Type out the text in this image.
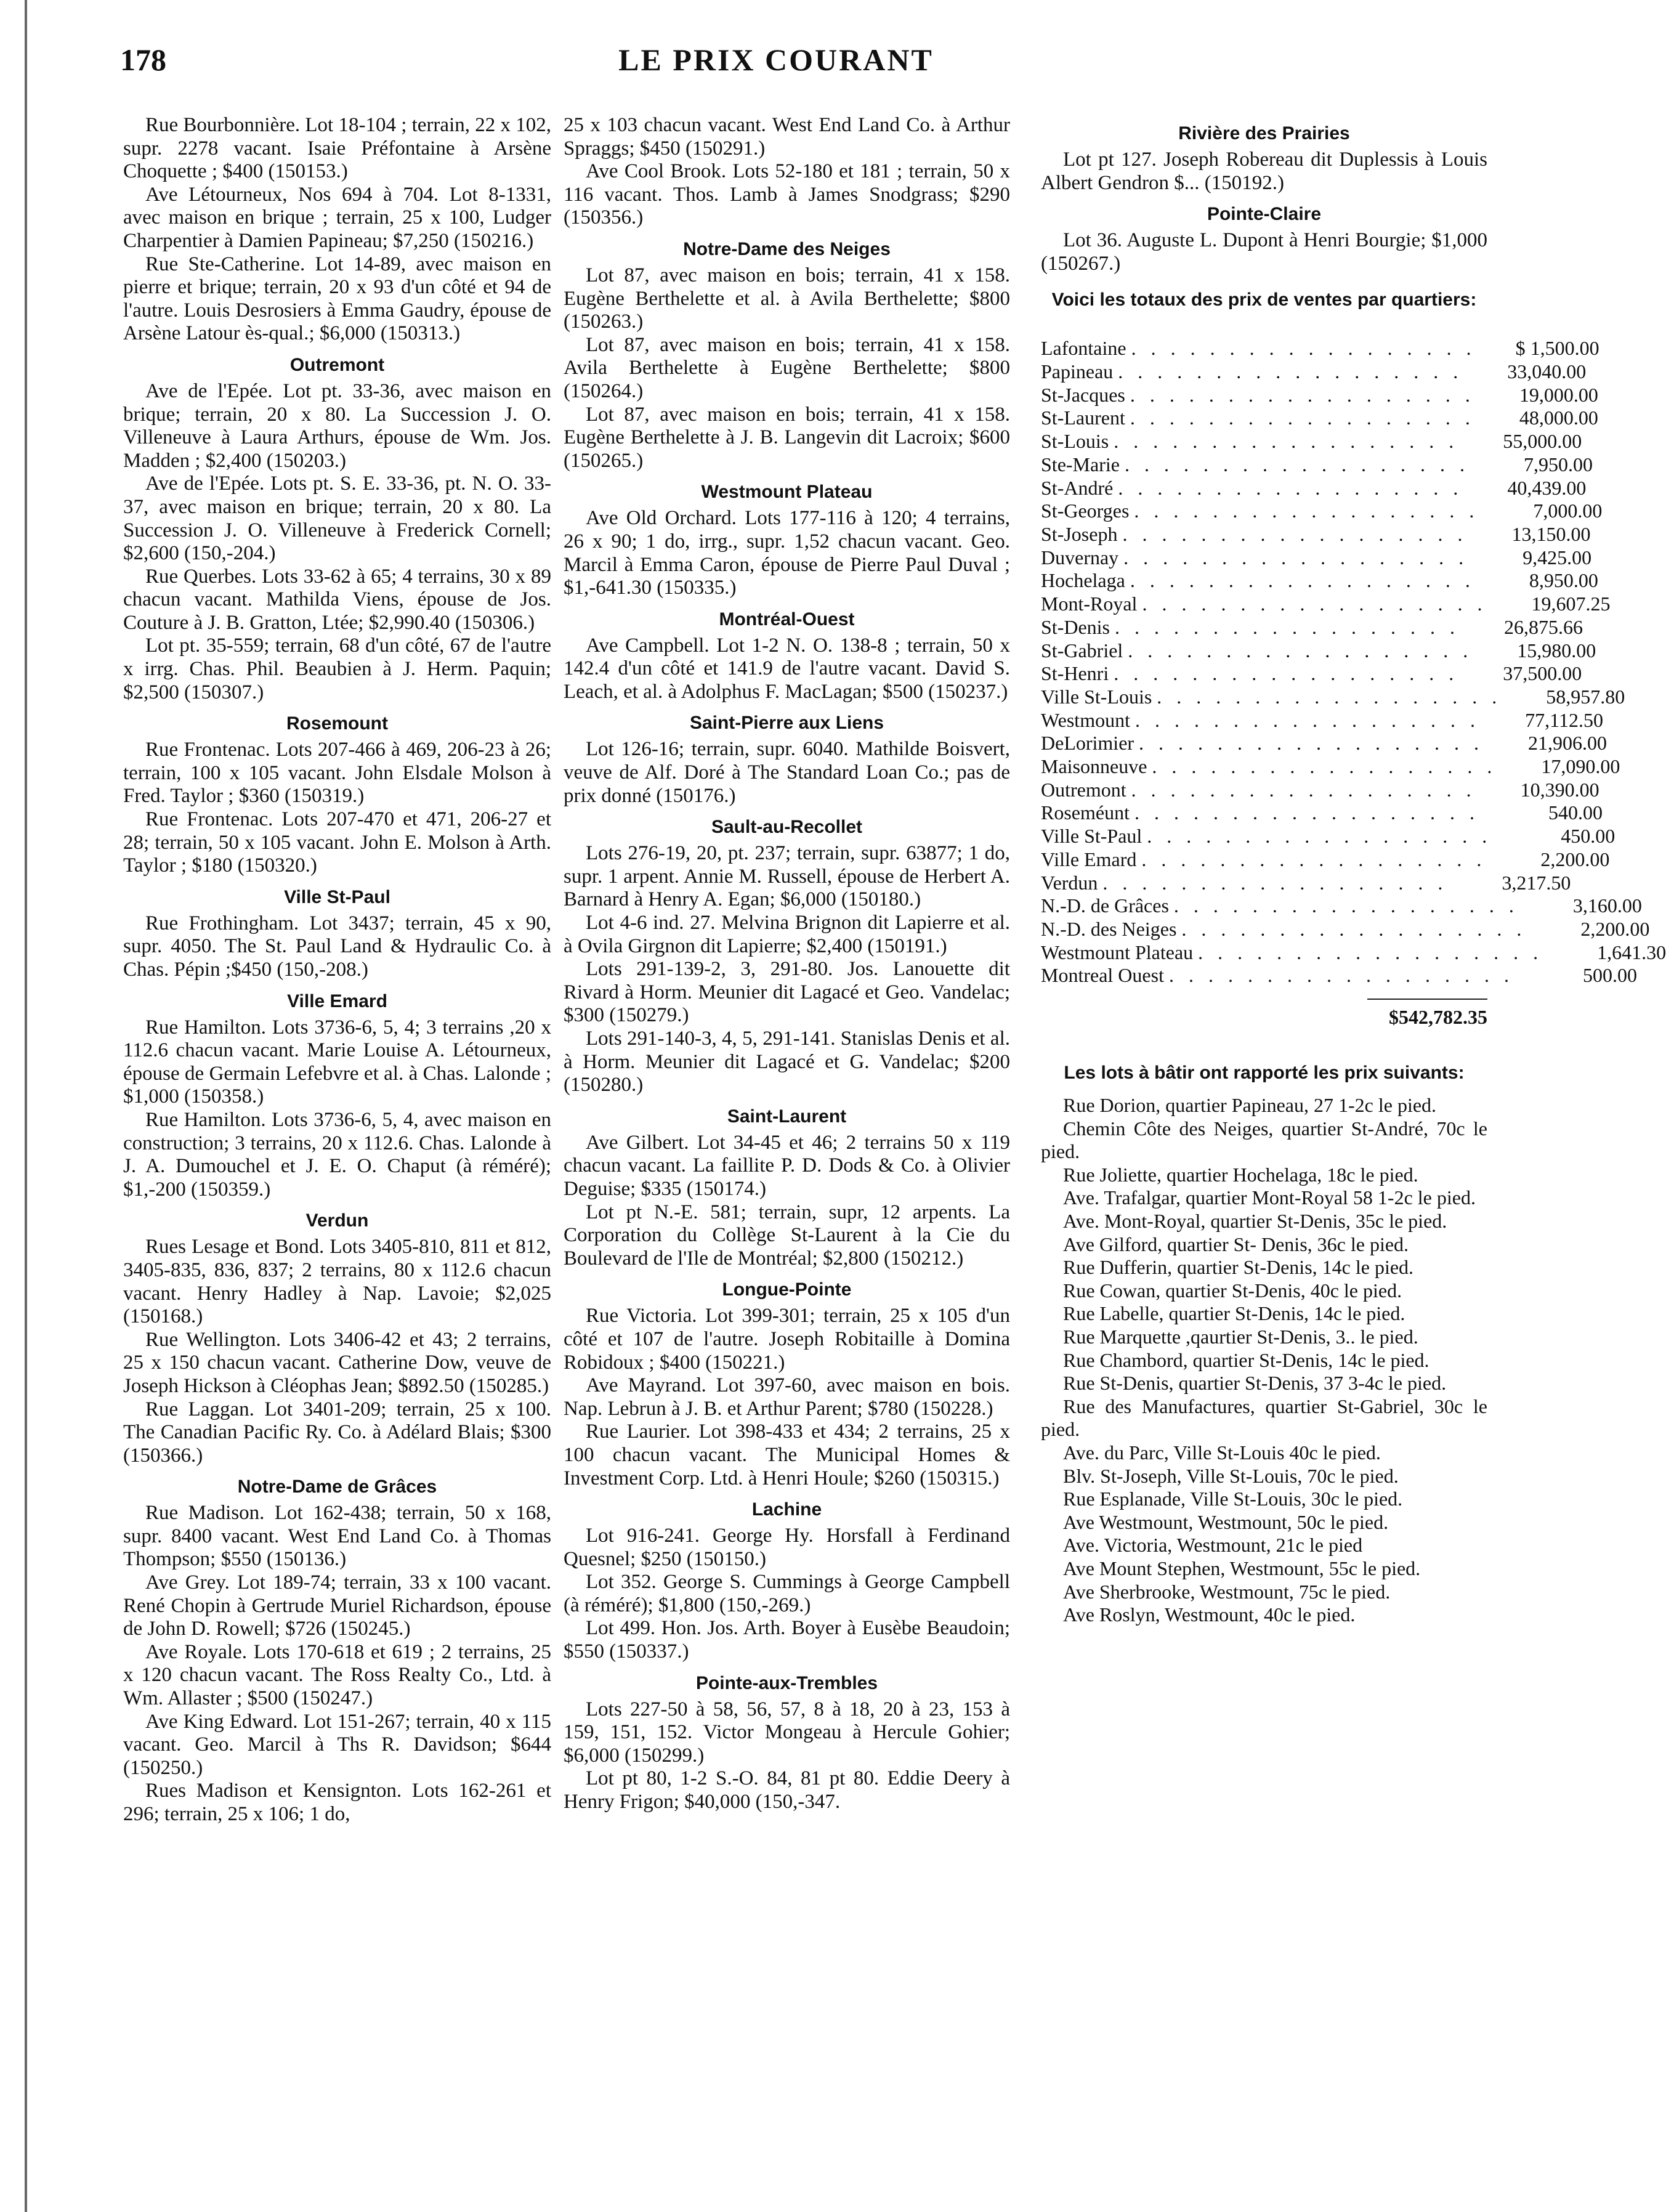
178	LE PRIX COURANT
Rue Bourbonnière. Lot 18-104 ; terrain, 22 x 102, supr. 2278 vacant. Isaie Préfontaine à Arsène Choquette ; $400 (150153.)
Ave Létourneux, Nos 694 à 704. Lot 8-1331, avec maison en brique ; terrain, 25 x 100, Ludger Charpentier à Damien Papineau; $7,250 (150216.)
Rue Ste-Catherine. Lot 14-89, avec maison en pierre et brique; terrain, 20 x 93 d'un côté et 94 de l'autre. Louis Desrosiers à Emma Gaudry, épouse de Arsène Latour ès-qual.; $6,000 (150313.)
Outremont
Ave de l'Epée. Lot pt. 33-36, avec maison en brique; terrain, 20 x 80. La Succession J. O. Villeneuve à Laura Arthurs, épouse de Wm. Jos. Madden ; $2,400 (150203.)
Ave de l'Epée. Lots pt. S. E. 33-36, pt. N. O. 33-37, avec maison en brique; terrain, 20 x 80. La Succession J. O. Villeneuve à Frederick Cornell; $2,600 (150,-204.)
Rue Querbes. Lots 33-62 à 65; 4 terrains, 30 x 89 chacun vacant. Mathilda Viens, épouse de Jos. Couture à J. B. Gratton, Ltée; $2,990.40 (150306.)
Lot pt. 35-559; terrain, 68 d'un côté, 67 de l'autre x irrg. Chas. Phil. Beaubien à J. Herm. Paquin; $2,500 (150307.)
Rosemount
Rue Frontenac. Lots 207-466 à 469, 206-23 à 26; terrain, 100 x 105 vacant. John Elsdale Molson à Fred. Taylor ; $360 (150319.)
Rue Frontenac. Lots 207-470 et 471, 206-27 et 28; terrain, 50 x 105 vacant. John E. Molson à Arth. Taylor ; $180 (150320.)
Ville St-Paul
Rue Frothingham. Lot 3437; terrain, 45 x 90, supr. 4050. The St. Paul Land & Hydraulic Co. à Chas. Pépin ;$450 (150,-208.)
Ville Emard
Rue Hamilton. Lots 3736-6, 5, 4; 3 terrains ,20 x 112.6 chacun vacant. Marie Louise A. Létourneux, épouse de Germain Lefebvre et al. à Chas. Lalonde ; $1,000 (150358.)
Rue Hamilton. Lots 3736-6, 5, 4, avec maison en construction; 3 terrains, 20 x 112.6. Chas. Lalonde à J. A. Dumouchel et J. E. O. Chaput (à réméré); $1,-200 (150359.)
Verdun
Rues Lesage et Bond. Lots 3405-810, 811 et 812, 3405-835, 836, 837; 2 terrains, 80 x 112.6 chacun vacant. Henry Hadley à Nap. Lavoie; $2,025 (150168.)
Rue Wellington. Lots 3406-42 et 43; 2 terrains, 25 x 150 chacun vacant. Catherine Dow, veuve de Joseph Hickson à Cléophas Jean; $892.50 (150285.)
Rue Laggan. Lot 3401-209; terrain, 25 x 100. The Canadian Pacific Ry. Co. à Adélard Blais; $300 (150366.)
Notre-Dame de Grâces
Rue Madison. Lot 162-438; terrain, 50 x 168, supr. 8400 vacant. West End Land Co. à Thomas Thompson; $550 (150136.)
Ave Grey. Lot 189-74; terrain, 33 x 100 vacant. René Chopin à Gertrude Muriel Richardson, épouse de John D. Rowell; $726 (150245.)
Ave Royale. Lots 170-618 et 619 ; 2 terrains, 25 x 120 chacun vacant. The Ross Realty Co., Ltd. à Wm. Allaster ; $500 (150247.)
Ave King Edward. Lot 151-267; terrain, 40 x 115 vacant. Geo. Marcil à Ths R. Davidson; $644 (150250.)
Rues Madison et Kensignton. Lots 162-261 et 296; terrain, 25 x 106; 1 do,
25 x 103 chacun vacant. West End Land Co. à Arthur Spraggs; $450 (150291.)
Ave Cool Brook. Lots 52-180 et 181 ; terrain, 50 x 116 vacant. Thos. Lamb à James Snodgrass; $290 (150356.)
Notre-Dame des Neiges
Lot 87, avec maison en bois; terrain, 41 x 158. Eugène Berthelette et al. à Avila Berthelette; $800 (150263.)
Lot 87, avec maison en bois; terrain, 41 x 158. Avila Berthelette à Eugène Berthelette; $800 (150264.)
Lot 87, avec maison en bois; terrain, 41 x 158. Eugène Berthelette à J. B. Langevin dit Lacroix; $600 (150265.)
Westmount Plateau
Ave Old Orchard. Lots 177-116 à 120; 4 terrains, 26 x 90; 1 do, irrg., supr. 1,52 chacun vacant. Geo. Marcil à Emma Caron, épouse de Pierre Paul Duval ; $1,-641.30 (150335.)
Montréal-Ouest
Ave Campbell. Lot 1-2 N. O. 138-8 ; terrain, 50 x 142.4 d'un côté et 141.9 de l'autre vacant. David S. Leach, et al. à Adolphus F. MacLagan; $500 (150237.)
Saint-Pierre aux Liens
Lot 126-16; terrain, supr. 6040. Mathilde Boisvert, veuve de Alf. Doré à The Standard Loan Co.; pas de prix donné (150176.)
Sault-au-Recollet
Lots 276-19, 20, pt. 237; terrain, supr. 63877; 1 do, supr. 1 arpent. Annie M. Russell, épouse de Herbert A. Barnard à Henry A. Egan; $6,000 (150180.)
Lot 4-6 ind. 27. Melvina Brignon dit Lapierre et al. à Ovila Girgnon dit Lapierre; $2,400 (150191.)
Lots 291-139-2, 3, 291-80. Jos. Lanouette dit Rivard à Horm. Meunier dit Lagacé et Geo. Vandelac; $300 (150279.)
Lots 291-140-3, 4, 5, 291-141. Stanislas Denis et al. à Horm. Meunier dit Lagacé et G. Vandelac; $200 (150280.)
Saint-Laurent
Ave Gilbert. Lot 34-45 et 46; 2 terrains 50 x 119 chacun vacant. La faillite P. D. Dods & Co. à Olivier Deguise; $335 (150174.)
Lot pt N.-E. 581; terrain, supr, 12 arpents. La Corporation du Collège St-Laurent à la Cie du Boulevard de l'Ile de Montréal; $2,800 (150212.)
Longue-Pointe
Rue Victoria. Lot 399-301; terrain, 25 x 105 d'un côté et 107 de l'autre. Joseph Robitaille à Domina Robidoux ; $400 (150221.)
Ave Mayrand. Lot 397-60, avec maison en bois. Nap. Lebrun à J. B. et Arthur Parent; $780 (150228.)
Rue Laurier. Lot 398-433 et 434; 2 terrains, 25 x 100 chacun vacant. The Municipal Homes & Investment Corp. Ltd. à Henri Houle; $260 (150315.)
Lachine
Lot 916-241. George Hy. Horsfall à Ferdinand Quesnel; $250 (150150.)
Lot 352. George S. Cummings à George Campbell (à réméré); $1,800 (150,-269.)
Lot 499. Hon. Jos. Arth. Boyer à Eusèbe Beaudoin; $550 (150337.)
Pointe-aux-Trembles
Lots 227-50 à 58, 56, 57, 8 à 18, 20 à 23, 153 à 159, 151, 152. Victor Mongeau à Hercule Gohier; $6,000 (150299.)
Lot pt 80, 1-2 S.-O. 84, 81 pt 80. Eddie Deery à Henry Frigon; $40,000 (150,-347.
Rivière des Prairies
Lot pt 127. Joseph Robereau dit Duplessis à Louis Albert Gendron $... (150192.)
Pointe-Claire
Lot 36. Auguste L. Dupont à Henri Bourgie; $1,000 (150267.)
Voici les totaux des prix de ventes par quartiers:
Lafontaine . . . . . . . . . . . . . . . . . .	$ 1,500.00
Papineau . . . . . . . . . . . . . . . . . .	33,040.00
St-Jacques . . . . . . . . . . . . . . . . . .	19,000.00
St-Laurent . . . . . . . . . . . . . . . . . .	48,000.00
St-Louis . . . . . . . . . . . . . . . . . .	55,000.00
Ste-Marie . . . . . . . . . . . . . . . . . .	7,950.00
St-André . . . . . . . . . . . . . . . . . .	40,439.00
St-Georges . . . . . . . . . . . . . . . . . .	7,000.00
St-Joseph . . . . . . . . . . . . . . . . . .	13,150.00
Duvernay . . . . . . . . . . . . . . . . . .	9,425.00
Hochelaga . . . . . . . . . . . . . . . . . .	8,950.00
Mont-Royal . . . . . . . . . . . . . . . . . .	19,607.25
St-Denis . . . . . . . . . . . . . . . . . .	26,875.66
St-Gabriel . . . . . . . . . . . . . . . . . .	15,980.00
St-Henri . . . . . . . . . . . . . . . . . .	37,500.00
Ville St-Louis . . . . . . . . . . . . . . . . . .	58,957.80
Westmount . . . . . . . . . . . . . . . . . .	77,112.50
DeLorimier . . . . . . . . . . . . . . . . . .	21,906.00
Maisonneuve . . . . . . . . . . . . . . . . . .	17,090.00
Outremont . . . . . . . . . . . . . . . . . .	10,390.00
Roseméunt . . . . . . . . . . . . . . . . . .	540.00
Ville St-Paul . . . . . . . . . . . . . . . . . .	450.00
Ville Emard . . . . . . . . . . . . . . . . . .	2,200.00
Verdun . . . . . . . . . . . . . . . . . .	3,217.50
N.-D. de Grâces . . . . . . . . . . . . . . . . . .	3,160.00
N.-D. des Neiges . . . . . . . . . . . . . . . . . .	2,200.00
Westmount Plateau . . . . . . . . . . . . . . . . . .	1,641.30
Montreal Ouest . . . . . . . . . . . . . . . . . .	500.00
$542,782.35
Les lots à bâtir ont rapporté les prix suivants:
Rue Dorion, quartier Papineau, 27 1-2c le pied.
Chemin Côte des Neiges, quartier St-André, 70c le pied.
Rue Joliette, quartier Hochelaga, 18c le pied.
Ave. Trafalgar, quartier Mont-Royal 58 1-2c le pied.
Ave. Mont-Royal, quartier St-Denis, 35c le pied.
Ave Gilford, quartier St- Denis, 36c le pied.
Rue Dufferin, quartier St-Denis, 14c le pied.
Rue Cowan, quartier St-Denis, 40c le pied.
Rue Labelle, quartier St-Denis, 14c le pied.
Rue Marquette ,qaurtier St-Denis, 3.. le pied.
Rue Chambord, quartier St-Denis, 14c le pied.
Rue St-Denis, quartier St-Denis, 37 3-4c le pied.
Rue des Manufactures, quartier St-Gabriel, 30c le pied.
Ave. du Parc, Ville St-Louis 40c le pied.
Blv. St-Joseph, Ville St-Louis, 70c le pied.
Rue Esplanade, Ville St-Louis, 30c le pied.
Ave Westmount, Westmount, 50c le pied.
Ave. Victoria, Westmount, 21c le pied
Ave Mount Stephen, Westmount, 55c le pied.
Ave Sherbrooke, Westmount, 75c le pied.
Ave Roslyn, Westmount, 40c le pied.
